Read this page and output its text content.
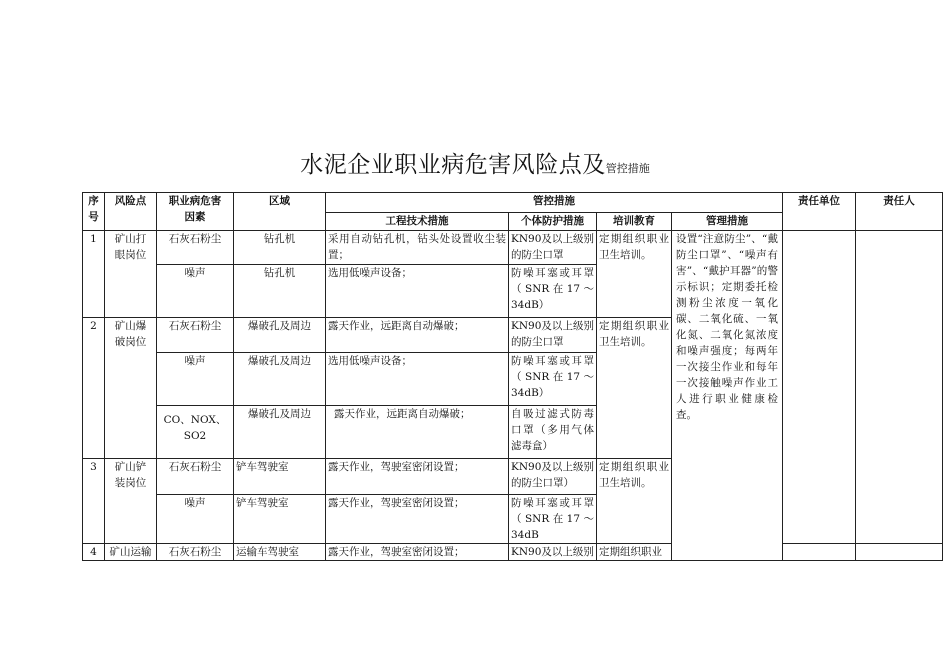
水泥企业职业病危害风险点及管控措施
序号	风险点	职业病危害因素	区域	管控措施				责任单位	责任人
				工程技术措施	个体防护措施	培训教育	管理措施		
1	矿山打眼岗位	石灰石粉尘	钻孔机	采用自动钻孔机，钻头处设置收尘装置；	KN90及以上级别的防尘口罩	定期组织职业卫生培训。	设置“注意防尘”、“戴防尘口罩”、“噪声有害”、“戴护耳器”的警示标识；定期委托检测粉尘浓度一氧化碳、二氧化硫、一氧化氮、二氧化氮浓度和噪声强度；每两年一次接尘作业和每年一次接触噪声作业工人进行职业健康检查。		
		噪声	钻孔机	选用低噪声设备；	防噪耳塞或耳罩（ SNR 在 17 ～ 34dB）				
2	矿山爆破岗位	石灰石粉尘	爆破孔及周边	露天作业，远距离自动爆破；	KN90及以上级别的防尘口罩	定期组织职业卫生培训。			
		噪声	爆破孔及周边	选用低噪声设备；	防噪耳塞或耳罩（ SNR 在 17 ～ 34dB）				
		CO、NOX、SO2	爆破孔及周边	露天作业，远距离自动爆破；	自吸过滤式防毒口罩（多用气体滤毒盒）				
3	矿山铲装岗位	石灰石粉尘	铲车驾驶室	露天作业，驾驶室密闭设置；	KN90及以上级别的防尘口罩）	定期组织职业卫生培训。			
		噪声	铲车驾驶室	露天作业，驾驶室密闭设置；	防噪耳塞或耳罩（SNR在17～34dB				
4	矿山运输	石灰石粉尘	运输车驾驶室	露天作业，驾驶室密闭设置；	KN90及以上级别	定期组织职业			
